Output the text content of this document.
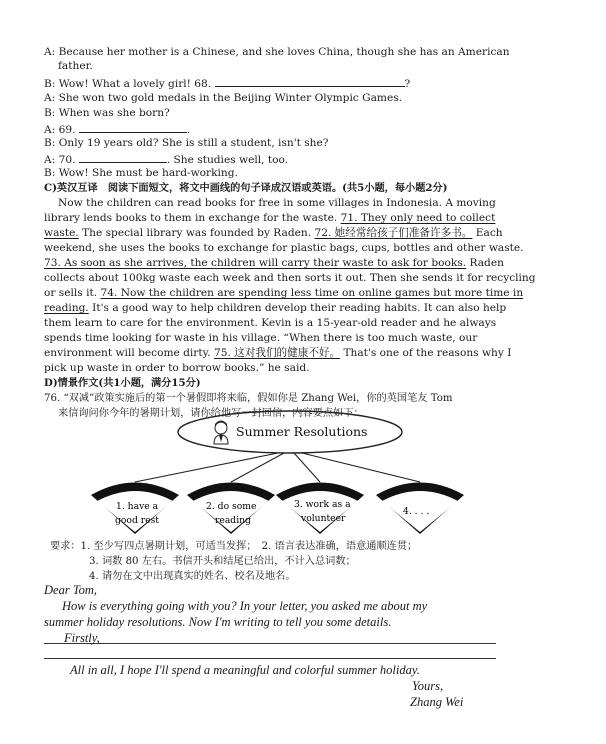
A: Because her mother is a Chinese, and she loves China, though she has an American
father.
B: Wow! What a lovely girl! 68.	?
A: She won two gold medals in the Beijing Winter Olympic Games.
B: When was she born?
A: 69.	.
B: Only 19 years old? She is still a student, isn't she?
A: 70.	. She studies well, too.
B: Wow! She must be hard-working.
C)英汉互译　阅读下面短文，将文中画线的句子译成汉语或英语。(共5小题，每小题2分)
Now the children can read books for free in some villages in Indonesia. A moving
library lends books to them in exchange for the waste. 71. They only need to collect
waste. The special library was founded by Raden. 72. 她经常给孩子们准备许多书。 Each
weekend, she uses the books to exchange for plastic bags, cups, bottles and other waste.
73. As soon as she arrives, the children will carry their waste to ask for books. Raden
collects about 100kg waste each week and then sorts it out. Then she sends it for recycling
or sells it. 74. Now the children are spending less time on online games but more time in
reading. It's a good way to help children develop their reading habits. It can also help
them learn to care for the environment. Kevin is a 15-year-old reader and he always
spends time looking for waste in his village. “When there is too much waste, our
environment will become dirty. 75. 这对我们的健康不好。 That's one of the reasons why I
pick up waste in order to borrow books.” he said.
D)情景作文(共1小题，满分15分)
76. “双减”政策实施后的第一个暑假即将来临，假如你是 Zhang Wei，你的英国笔友 Tom
来信询问你今年的暑期计划，请你给他写一封回信，内容要点如下：
Summer Resolutions
1. have a
good rest
2. do some
reading
3. work as a
volunteer
4. . . .
要求：1. 至少写四点暑期计划，可适当发挥；　2. 语言表达准确，语意通顺连贯；
3. 词数 80 左右。书信开头和结尾已给出，不计入总词数；
4. 请勿在文中出现真实的姓名、校名及地名。
Dear Tom,
How is everything going with you? In your letter, you asked me about my
summer holiday resolutions. Now I'm writing to tell you some details.
Firstly,
All in all, I hope I'll spend a meaningful and colorful summer holiday.
Yours,
Zhang Wei
